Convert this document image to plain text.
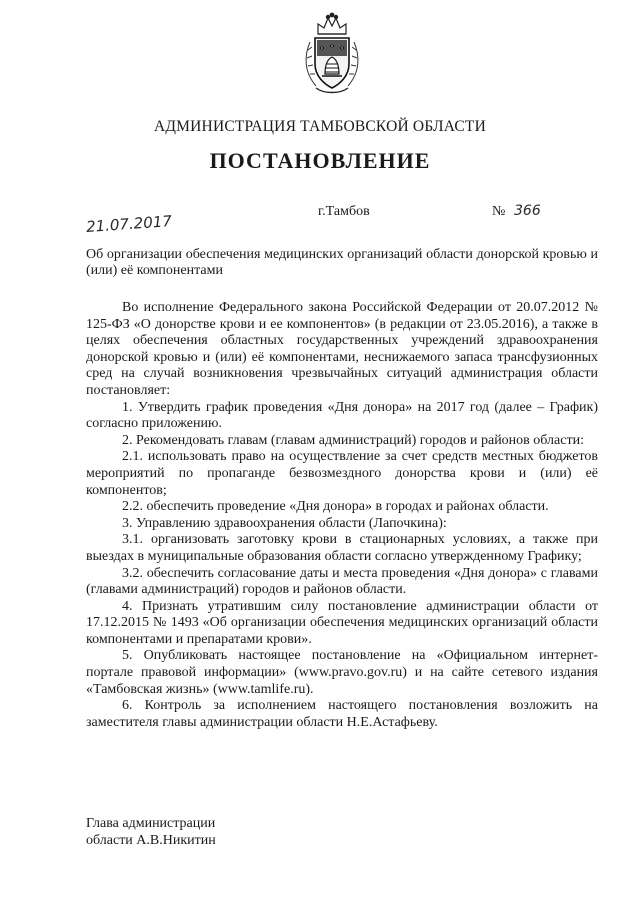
АДМИНИСТРАЦИЯ ТАМБОВСКОЙ ОБЛАСТИ
ПОСТАНОВЛЕНИЕ
21.07.2017
г.Тамбов	№ 366
Об организации обеспечения медицинских организаций области донорской кровью и (или) её компонентами

Во исполнение Федерального закона Российской Федерации от 20.07.2012 № 125-ФЗ «О донорстве крови и ее компонентов» (в редакции от 23.05.2016), а также в целях обеспечения областных государственных учреждений здравоохранения донорской кровью и (или) её компонентами, неснижаемого запаса трансфузионных сред на случай возникновения чрезвычайных ситуаций администрация области постановляет:

1. Утвердить график проведения «Дня донора» на 2017 год (далее – График) согласно приложению.

2. Рекомендовать главам (главам администраций) городов и районов области:

2.1. использовать право на осуществление за счет средств местных бюджетов мероприятий по пропаганде безвозмездного донорства крови и (или) её компонентов;

2.2. обеспечить проведение «Дня донора» в городах и районах области.

3. Управлению здравоохранения области (Лапочкина):

3.1. организовать заготовку крови в стационарных условиях, а также при выездах в муниципальные образования области согласно утвержденному Графику;

3.2. обеспечить согласование даты и места проведения «Дня донора» с главами (главами администраций) городов и районов области.

4. Признать утратившим силу постановление администрации области от 17.12.2015 № 1493 «Об организации обеспечения медицинских организаций области компонентами и препаратами крови».

5. Опубликовать настоящее постановление на «Официальном интернет-портале правовой информации» (www.pravo.gov.ru) и на сайте сетевого издания «Тамбовская жизнь» (www.tamlife.ru).

6. Контроль за исполнением настоящего постановления возложить на заместителя главы администрации области Н.Е.Астафьеву.

Глава администрации
области А.В.Никитин
